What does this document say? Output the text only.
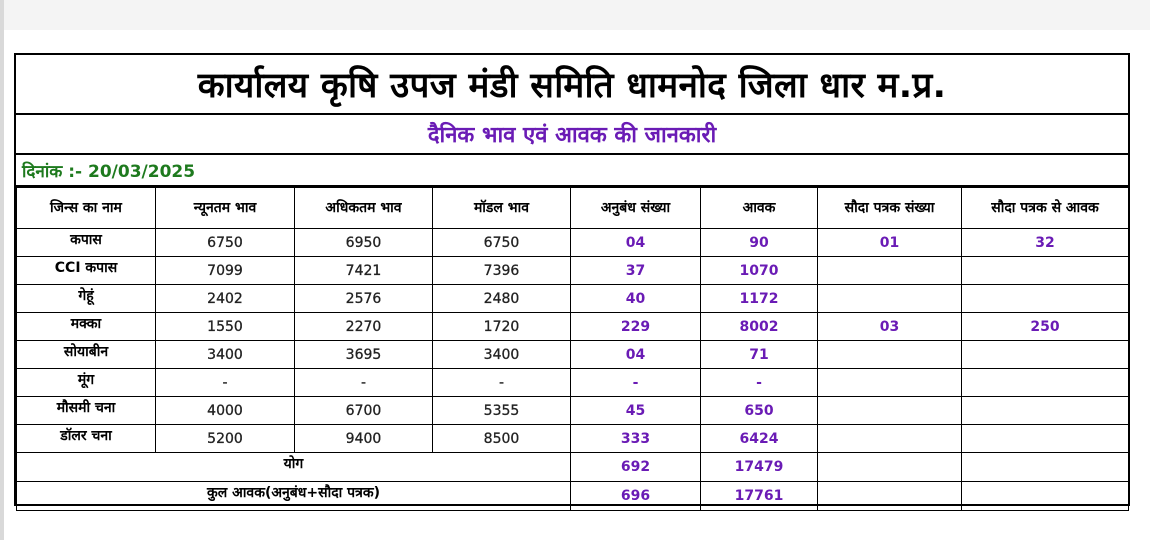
कार्यालय कृषि उपज मंडी समिति धामनोद जिला धार म.प्र.
दैनिक भाव एवं आवक की जानकारी
दिनांक :- 20/03/2025
जिन्स का नाम	न्यूनतम भाव	अधिकतम भाव	मॉडल भाव	अनुबंध संख्या	आवक	सौदा पत्रक संख्या	सौदा पत्रक से आवक
कपास	6750	6950	6750	04	90	01	32
CCI कपास	7099	7421	7396	37	1070		
गेहूं	2402	2576	2480	40	1172		
मक्का	1550	2270	1720	229	8002	03	250
सोयाबीन	3400	3695	3400	04	71		
मूंग	-	-	-	-	-		
मौसमी चना	4000	6700	5355	45	650		
डॉलर चना	5200	9400	8500	333	6424		
योग				692	17479		
कुल आवक(अनुबंध+सौदा पत्रक)				696	17761		
